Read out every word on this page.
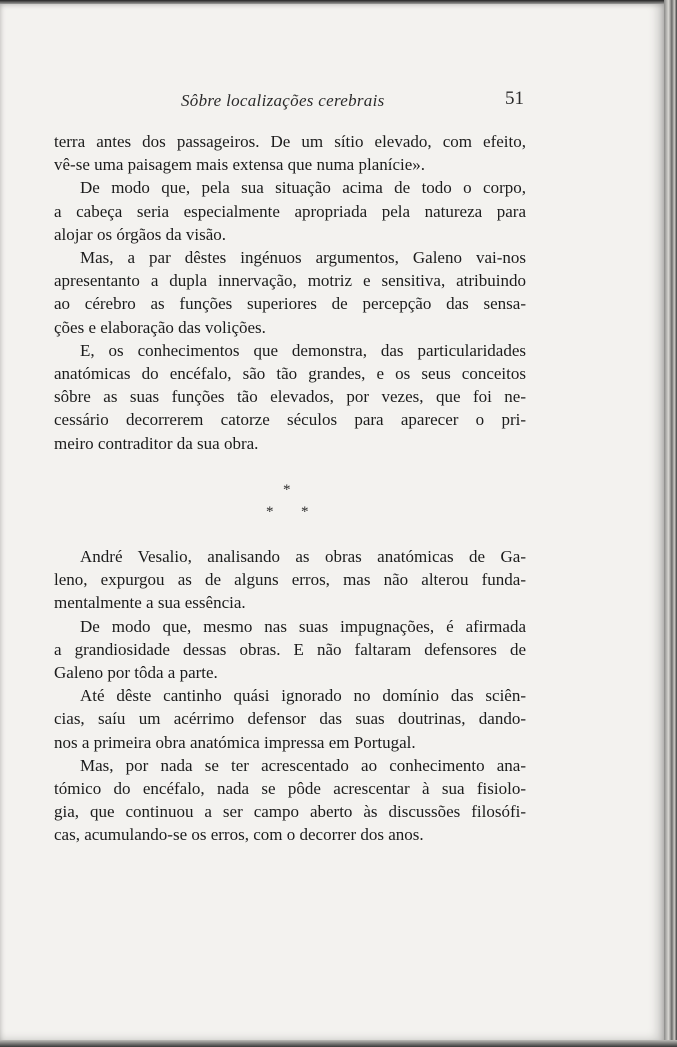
Sôbre localizações cerebrais	51

terra antes dos passageiros. De um sítio elevado, com efeito,
vê-se uma paisagem mais extensa que numa planície».

De modo que, pela sua situação acima de todo o corpo,
a cabeça seria especialmente apropriada pela natureza para
alojar os órgãos da visão.

Mas, a par dêstes ingénuos argumentos, Galeno vai-nos
apresentanto a dupla innervação, motriz e sensitiva, atribuindo
ao cérebro as funções superiores de percepção das sensa-
ções e elaboração das volições.

E, os conhecimentos que demonstra, das particularidades
anatómicas do encéfalo, são tão grandes, e os seus conceitos
sôbre as suas funções tão elevados, por vezes, que foi ne-
cessário decorrerem catorze séculos para aparecer o pri-
meiro contraditor da sua obra.

*
* *

André Vesalio, analisando as obras anatómicas de Ga-
leno, expurgou as de alguns erros, mas não alterou funda-
mentalmente a sua essência.

De modo que, mesmo nas suas impugnações, é afirmada
a grandiosidade dessas obras. E não faltaram defensores de
Galeno por tôda a parte.

Até dêste cantinho quási ignorado no domínio das sciên-
cias, saíu um acérrimo defensor das suas doutrinas, dando-
nos a primeira obra anatómica impressa em Portugal.

Mas, por nada se ter acrescentado ao conhecimento ana-
tómico do encéfalo, nada se pôde acrescentar à sua fisiolo-
gia, que continuou a ser campo aberto às discussões filosófi-
cas, acumulando-se os erros, com o decorrer dos anos.
